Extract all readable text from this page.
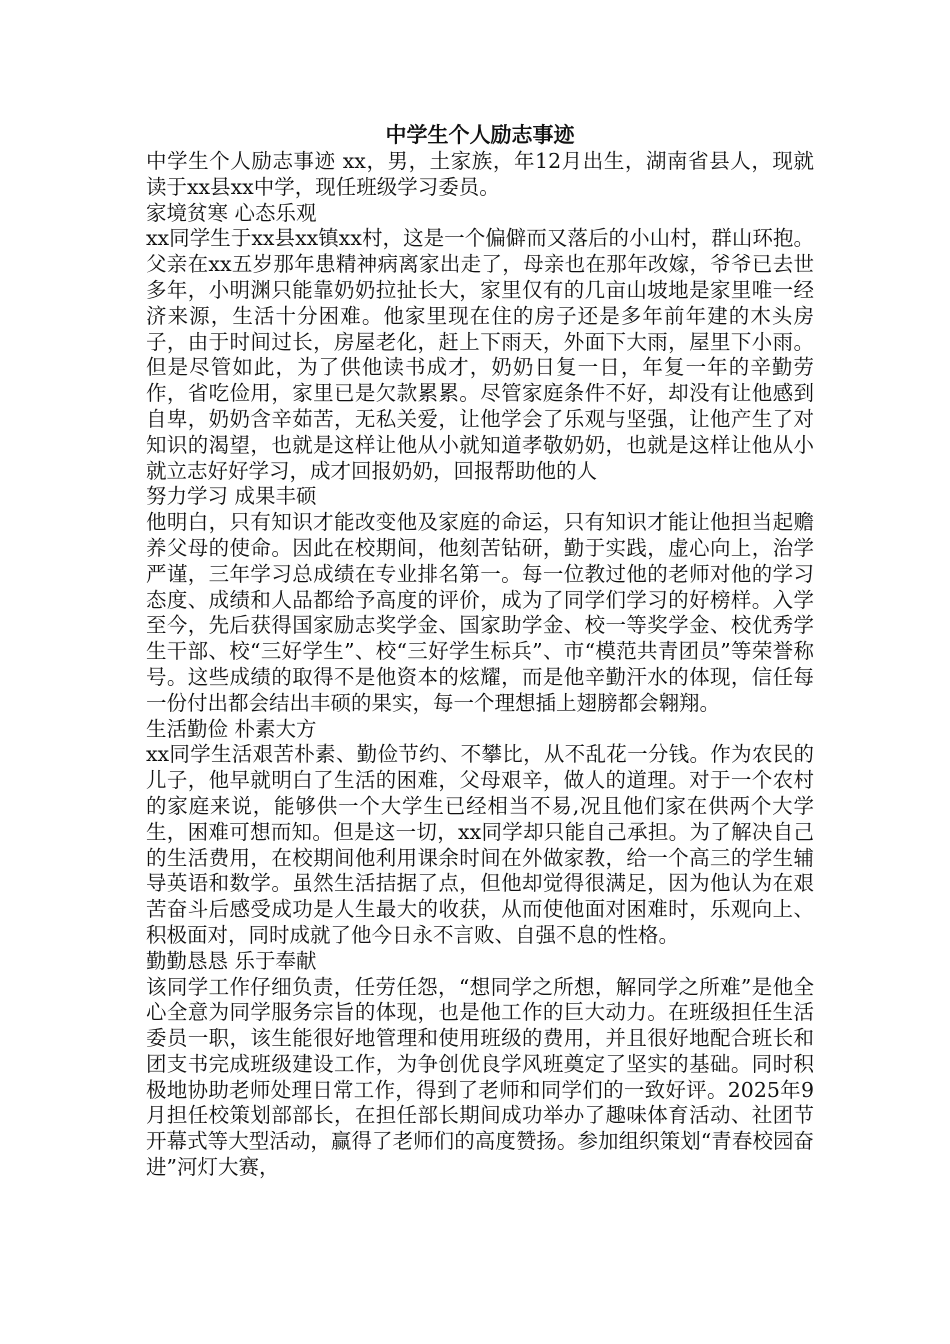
中学生个人励志事迹

中学生个人励志事迹 xx，男，土家族，年12月出生，湖南省县人，现就读于xx县xx中学，现任班级学习委员。

家境贫寒 心态乐观

xx同学生于xx县xx镇xx村，这是一个偏僻而又落后的小山村，群山环抱。父亲在xx五岁那年患精神病离家出走了，母亲也在那年改嫁，爷爷已去世多年，小明渊只能靠奶奶拉扯长大，家里仅有的几亩山坡地是家里唯一经济来源，生活十分困难。他家里现在住的房子还是多年前年建的木头房子，由于时间过长，房屋老化，赶上下雨天，外面下大雨，屋里下小雨。但是尽管如此，为了供他读书成才，奶奶日复一日，年复一年的辛勤劳作，省吃俭用，家里已是欠款累累。尽管家庭条件不好，却没有让他感到自卑，奶奶含辛茹苦，无私关爱，让他学会了乐观与坚强，让他产生了对知识的渴望，也就是这样让他从小就知道孝敬奶奶，也就是这样让他从小就立志好好学习，成才回报奶奶，回报帮助他的人

努力学习 成果丰硕

他明白，只有知识才能改变他及家庭的命运，只有知识才能让他担当起赡养父母的使命。因此在校期间，他刻苦钻研，勤于实践，虚心向上，治学严谨，三年学习总成绩在专业排名第一。每一位教过他的老师对他的学习态度、成绩和人品都给予高度的评价，成为了同学们学习的好榜样。入学至今，先后获得国家励志奖学金、国家助学金、校一等奖学金、校优秀学生干部、校“三好学生”、校“三好学生标兵”、市“模范共青团员”等荣誉称号。这些成绩的取得不是他资本的炫耀，而是他辛勤汗水的体现，信任每一份付出都会结出丰硕的果实，每一个理想插上翅膀都会翱翔。

生活勤俭 朴素大方

xx同学生活艰苦朴素、勤俭节约、不攀比，从不乱花一分钱。作为农民的儿子，他早就明白了生活的困难，父母艰辛，做人的道理。对于一个农村的家庭来说，能够供一个大学生已经相当不易,况且他们家在供两个大学生，困难可想而知。但是这一切，xx同学却只能自己承担。为了解决自己的生活费用，在校期间他利用课余时间在外做家教，给一个高三的学生辅导英语和数学。虽然生活拮据了点，但他却觉得很满足，因为他认为在艰苦奋斗后感受成功是人生最大的收获，从而使他面对困难时，乐观向上、积极面对，同时成就了他今日永不言败、自强不息的性格。

勤勤恳恳 乐于奉献

该同学工作仔细负责，任劳任怨，“想同学之所想，解同学之所难”是他全心全意为同学服务宗旨的体现，也是他工作的巨大动力。在班级担任生活委员一职，该生能很好地管理和使用班级的费用，并且很好地配合班长和团支书完成班级建设工作，为争创优良学风班奠定了坚实的基础。同时积极地协助老师处理日常工作，得到了老师和同学们的一致好评。2025年9月担任校策划部部长，在担任部长期间成功举办了趣味体育活动、社团节开幕式等大型活动，赢得了老师们的高度赞扬。参加组织策划“青春校园奋进”河灯大赛，
